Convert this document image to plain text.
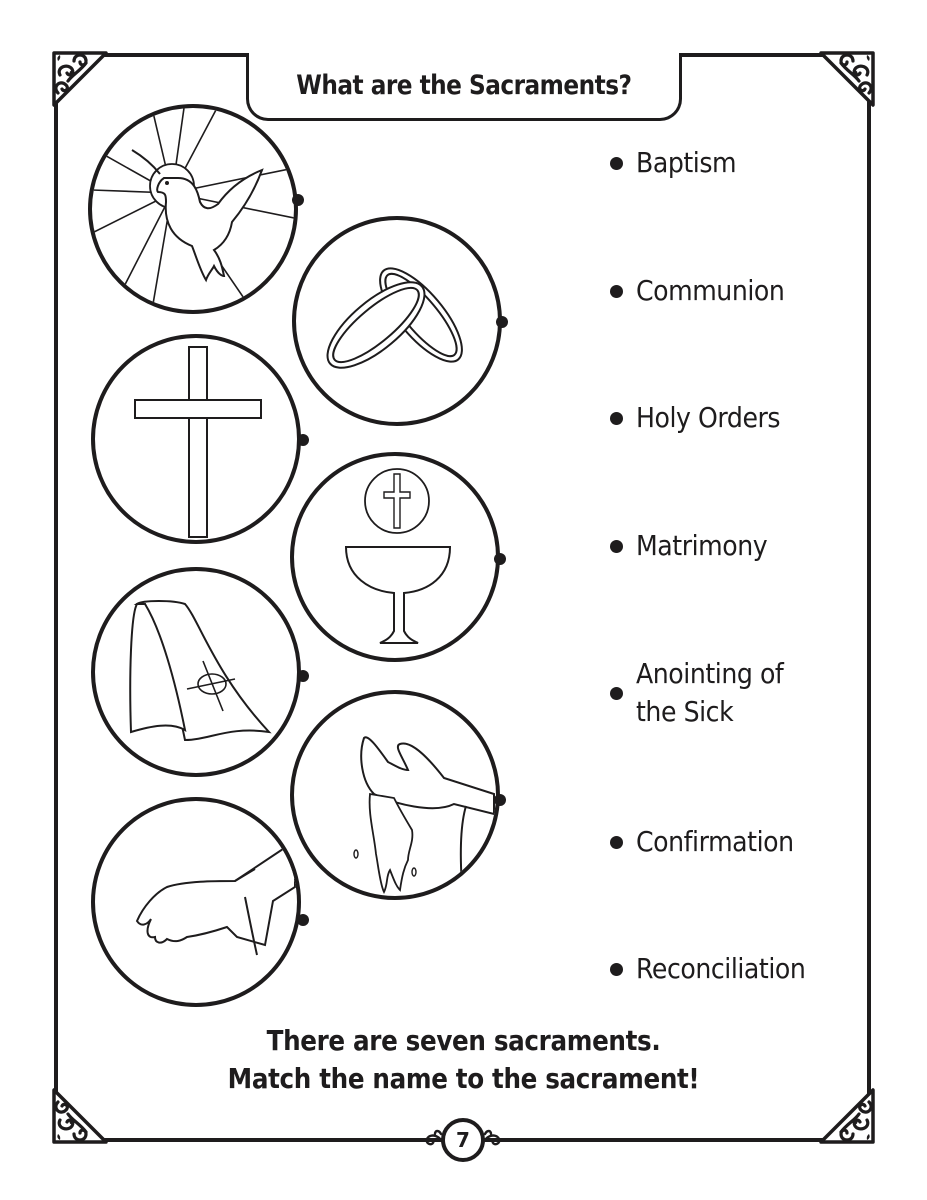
What are the Sacraments?
Baptism
Communion
Holy Orders
Matrimony
Anointing of the Sick
Confirmation
Reconciliation
There are seven sacraments.
Match the name to the sacrament!
7
